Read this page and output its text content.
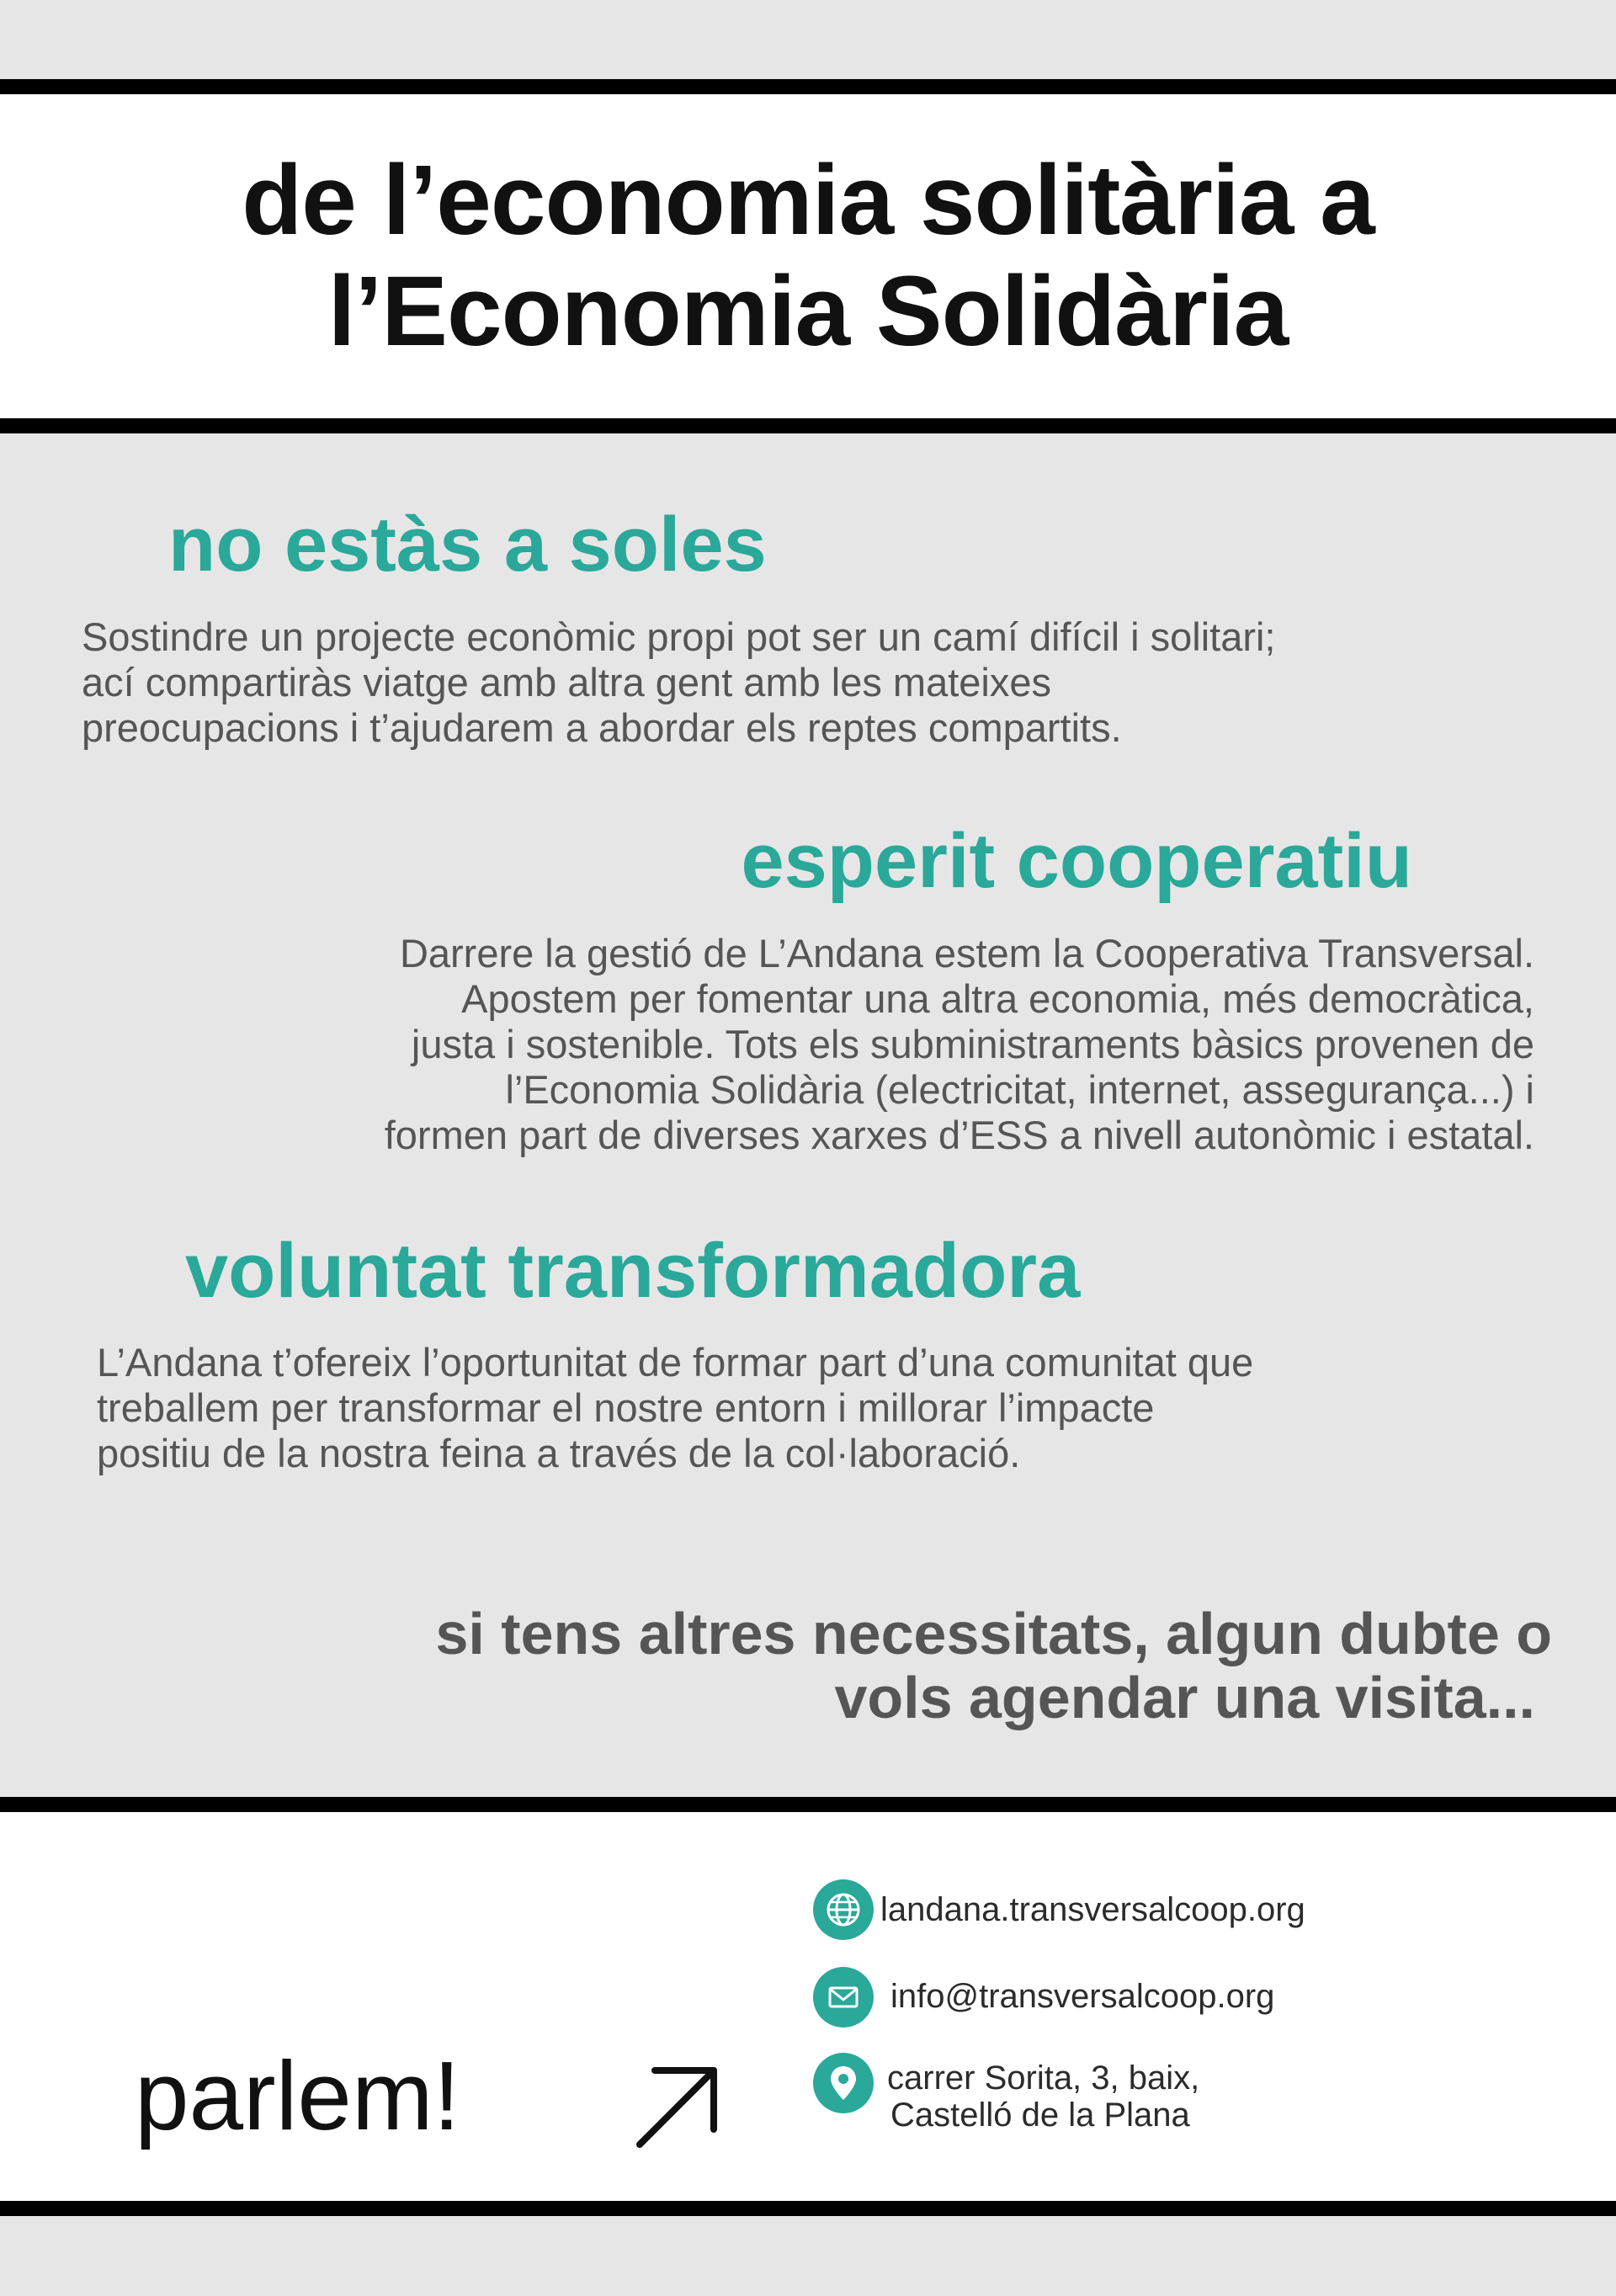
de l’economia solitària a
l’Economia Solidària
no estàs a soles
Sostindre un projecte econòmic propi pot ser un camí difícil i solitari;
ací compartiràs viatge amb altra gent amb les mateixes
preocupacions i t’ajudarem a abordar els reptes compartits.
esperit cooperatiu
Darrere la gestió de L’Andana estem la Cooperativa Transversal.
Apostem per fomentar una altra economia, més democràtica,
justa i sostenible. Tots els subministraments bàsics provenen de
l’Economia Solidària (electricitat, internet, assegurança...) i
formen part de diverses xarxes d’ESS a nivell autonòmic i estatal.
voluntat transformadora
L’Andana t’ofereix l’oportunitat de formar part d’una comunitat que
treballem per transformar el nostre entorn i millorar l’impacte
positiu de la nostra feina a través de la col·laboració.
si tens altres necessitats, algun dubte o
vols agendar una visita...
parlem!
landana.transversalcoop.org
info@transversalcoop.org
carrer Sorita, 3, baix,
Castelló de la Plana
